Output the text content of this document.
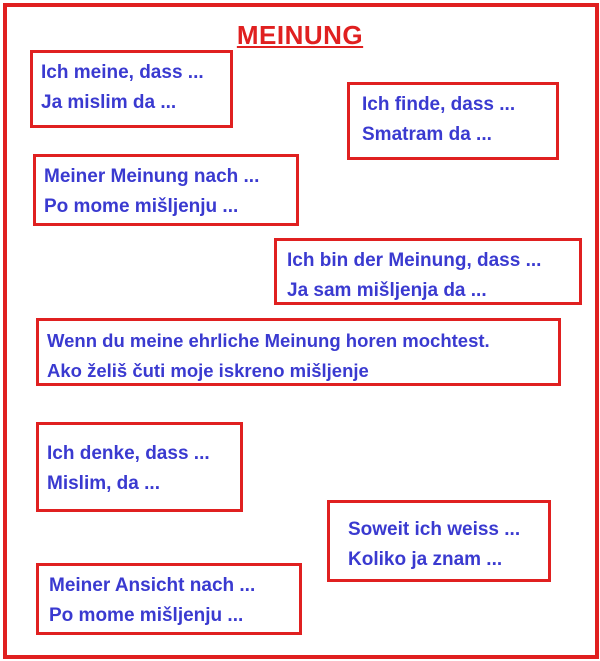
MEINUNG
Ich meine, dass ...
Ja mislim da ...	Ich finde, dass ...
Smatram da ...
Meiner Meinung nach ...
Po mome mišljenju ...
Ich bin der Meinung, dass ...
Ja sam mišljenja da ...
Wenn du meine ehrliche Meinung horen mochtest.
Ako želiš čuti moje iskreno mišljenje
Ich denke, dass ...
Mislim, da ...
Soweit ich weiss ...
Koliko ja znam ...
Meiner Ansicht nach ...
Po mome mišljenju ...
